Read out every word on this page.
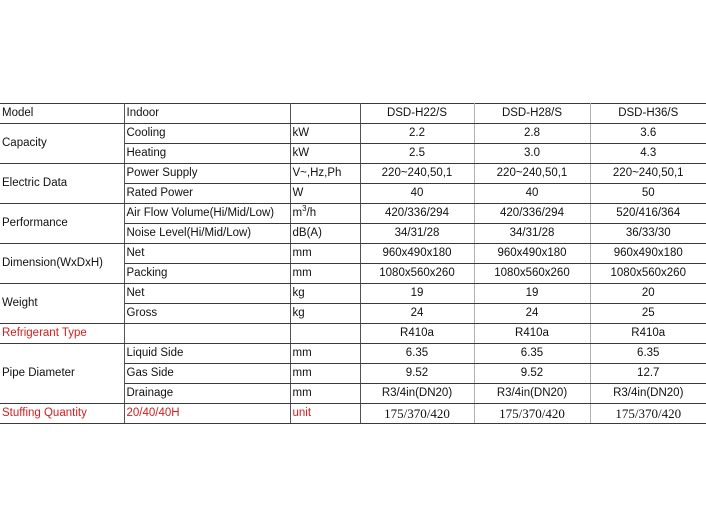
Model	Indoor		DSD-H22/S	DSD-H28/S	DSD-H36/S
Capacity	Cooling	kW	2.2	2.8	3.6
	Heating	kW	2.5	3.0	4.3
Electric Data	Power Supply	V~,Hz,Ph	220~240,50,1	220~240,50,1	220~240,50,1
	Rated Power	W	40	40	50
Performance	Air Flow Volume(Hi/Mid/Low)	$m^3/h$	420/336/294	420/336/294	520/416/364
	Noise Level(Hi/Mid/Low)	dB(A)	34/31/28	34/31/28	36/33/30
Dimension(WxDxH)	Net	mm	960x490x180	960x490x180	960x490x180
	Packing	mm	1080x560x260	1080x560x260	1080x560x260
Weight	Net	kg	19	19	20
	Gross	kg	24	24	25
Refrigerant Type			R410a	R410a	R410a
Pipe Diameter	Liquid Side	mm	6.35	6.35	6.35
	Gas Side	mm	9.52	9.52	12.7
	Drainage	mm	R3/4in(DN20)	R3/4in(DN20)	R3/4in(DN20)
Stuffing Quantity	20/40/40H	unit	175/370/420	175/370/420	175/370/420
